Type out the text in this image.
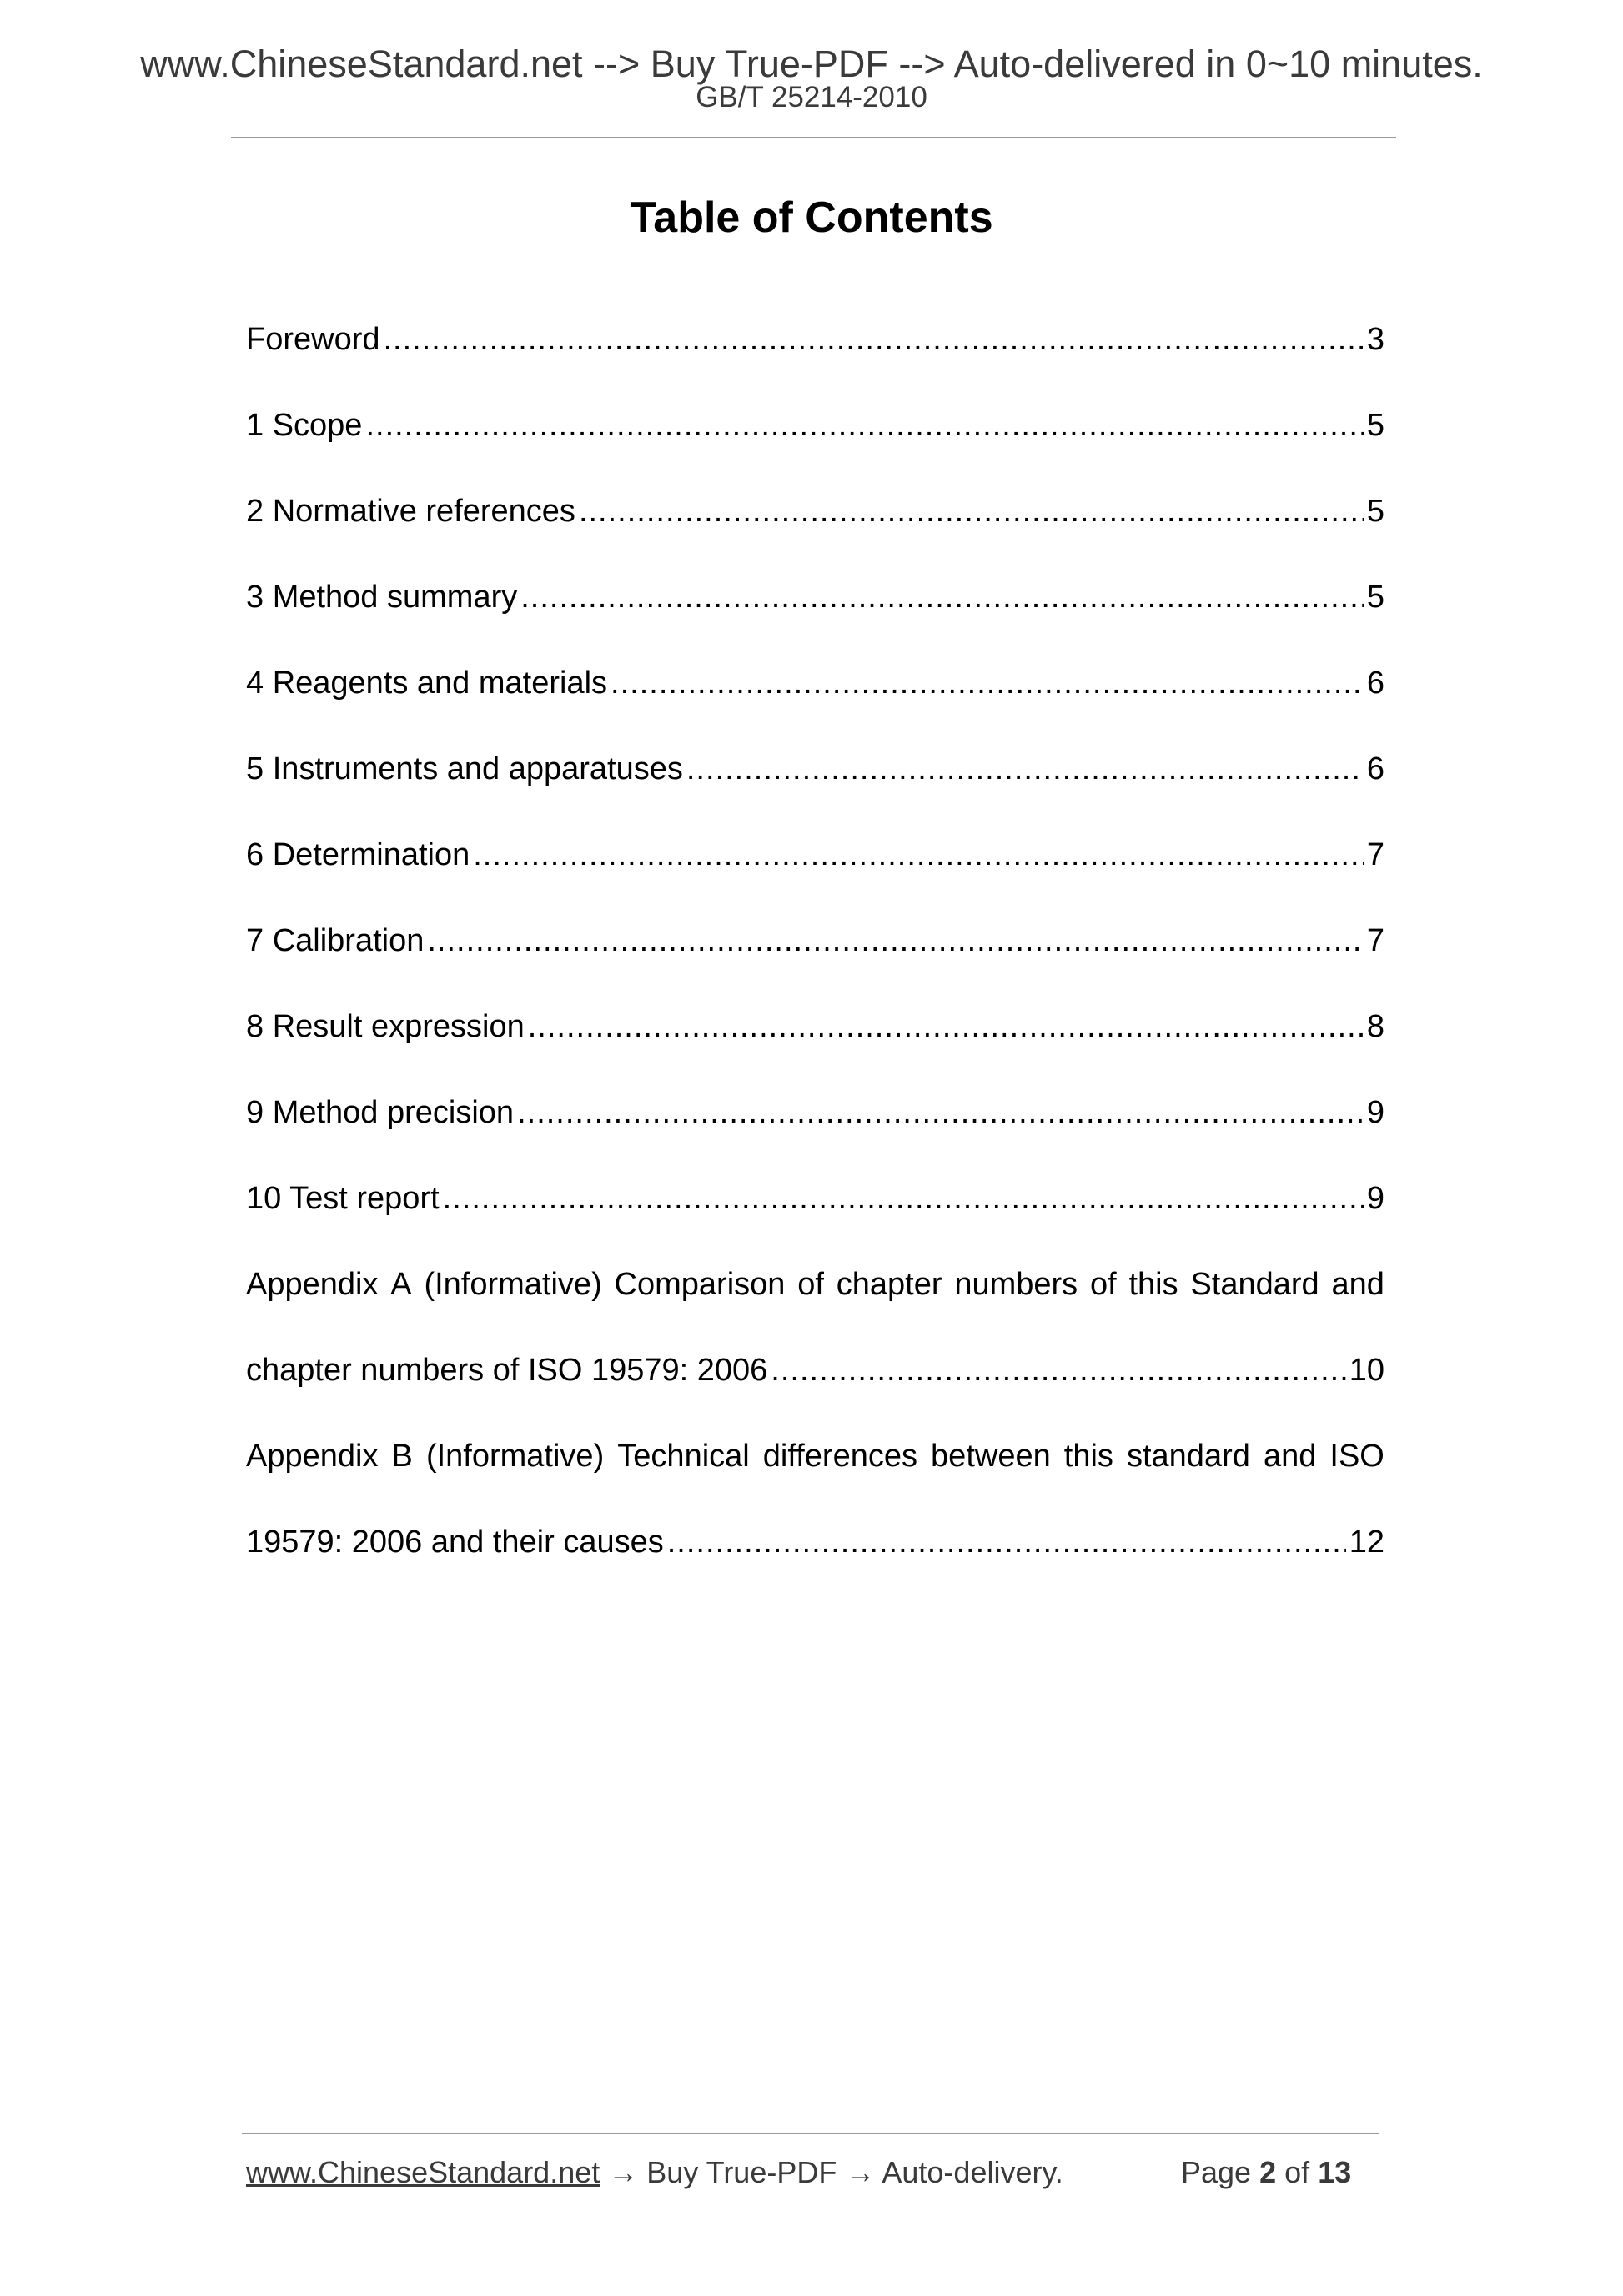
www.ChineseStandard.net --> Buy True-PDF --> Auto-delivered in 0~10 minutes.
GB/T 25214-2010
Table of Contents
Foreword .....	3
1 Scope .....	5
2 Normative references .....	5
3 Method summary .....	5
4 Reagents and materials .....	6
5 Instruments and apparatuses .....	6
6 Determination .....	7
7 Calibration .....	7
8 Result expression .....	8
9 Method precision .....	9
10 Test report .....	9
Appendix A (Informative) Comparison of chapter numbers of this Standard and
chapter numbers of ISO 19579: 2006 .....	10
Appendix B (Informative) Technical differences between this standard and ISO
19579: 2006 and their causes .....	12
www.ChineseStandard.net → Buy True-PDF → Auto-delivery.	Page 2 of 13
